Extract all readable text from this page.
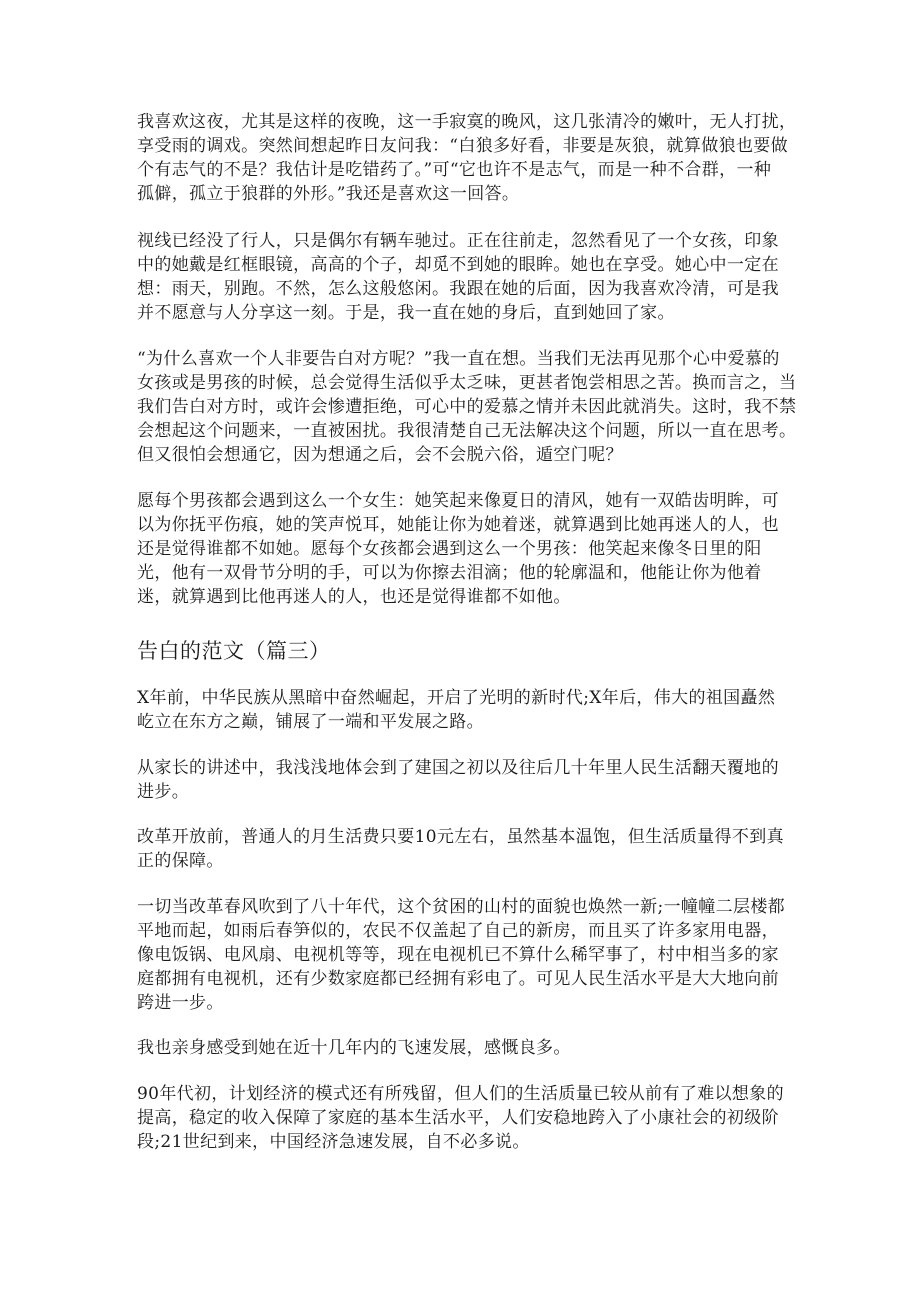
我喜欢这夜，尤其是这样的夜晚，这一手寂寞的晚风，这几张清冷的嫩叶，无人打扰，
享受雨的调戏。突然间想起昨日友问我：“白狼多好看，非要是灰狼，就算做狼也要做
个有志气的不是？我估计是吃错药了。”可“它也许不是志气，而是一种不合群，一种
孤僻，孤立于狼群的外形。”我还是喜欢这一回答。
视线已经没了行人，只是偶尔有辆车驰过。正在往前走，忽然看见了一个女孩，印象
中的她戴是红框眼镜，高高的个子，却觅不到她的眼眸。她也在享受。她心中一定在
想：雨天，别跑。不然，怎么这般悠闲。我跟在她的后面，因为我喜欢冷清，可是我
并不愿意与人分享这一刻。于是，我一直在她的身后，直到她回了家。
“为什么喜欢一个人非要告白对方呢？”我一直在想。当我们无法再见那个心中爱慕的
女孩或是男孩的时候，总会觉得生活似乎太乏味，更甚者饱尝相思之苦。换而言之，当
我们告白对方时，或许会惨遭拒绝，可心中的爱慕之情并未因此就消失。这时，我不禁
会想起这个问题来，一直被困扰。我很清楚自己无法解决这个问题，所以一直在思考。
但又很怕会想通它，因为想通之后，会不会脱六俗，遁空门呢？
愿每个男孩都会遇到这么一个女生：她笑起来像夏日的清风，她有一双皓齿明眸，可
以为你抚平伤痕，她的笑声悦耳，她能让你为她着迷，就算遇到比她再迷人的人，也
还是觉得谁都不如她。愿每个女孩都会遇到这么一个男孩：他笑起来像冬日里的阳
光，他有一双骨节分明的手，可以为你擦去泪滴；他的轮廓温和，他能让你为他着
迷，就算遇到比他再迷人的人，也还是觉得谁都不如他。
告白的范文（篇三）
X年前，中华民族从黑暗中奋然崛起，开启了光明的新时代;X年后，伟大的祖国矗然
屹立在东方之巅，铺展了一端和平发展之路。
从家长的讲述中，我浅浅地体会到了建国之初以及往后几十年里人民生活翻天覆地的
进步。
改革开放前，普通人的月生活费只要10元左右，虽然基本温饱，但生活质量得不到真
正的保障。
一切当改革春风吹到了八十年代，这个贫困的山村的面貌也焕然一新;一幢幢二层楼都
平地而起，如雨后春笋似的，农民不仅盖起了自己的新房，而且买了许多家用电器，
像电饭锅、电风扇、电视机等等，现在电视机已不算什么稀罕事了，村中相当多的家
庭都拥有电视机，还有少数家庭都已经拥有彩电了。可见人民生活水平是大大地向前
跨进一步。
我也亲身感受到她在近十几年内的飞速发展，感慨良多。
90年代初，计划经济的模式还有所残留，但人们的生活质量已较从前有了难以想象的
提高，稳定的收入保障了家庭的基本生活水平，人们安稳地跨入了小康社会的初级阶
段;21世纪到来，中国经济急速发展，自不必多说。
